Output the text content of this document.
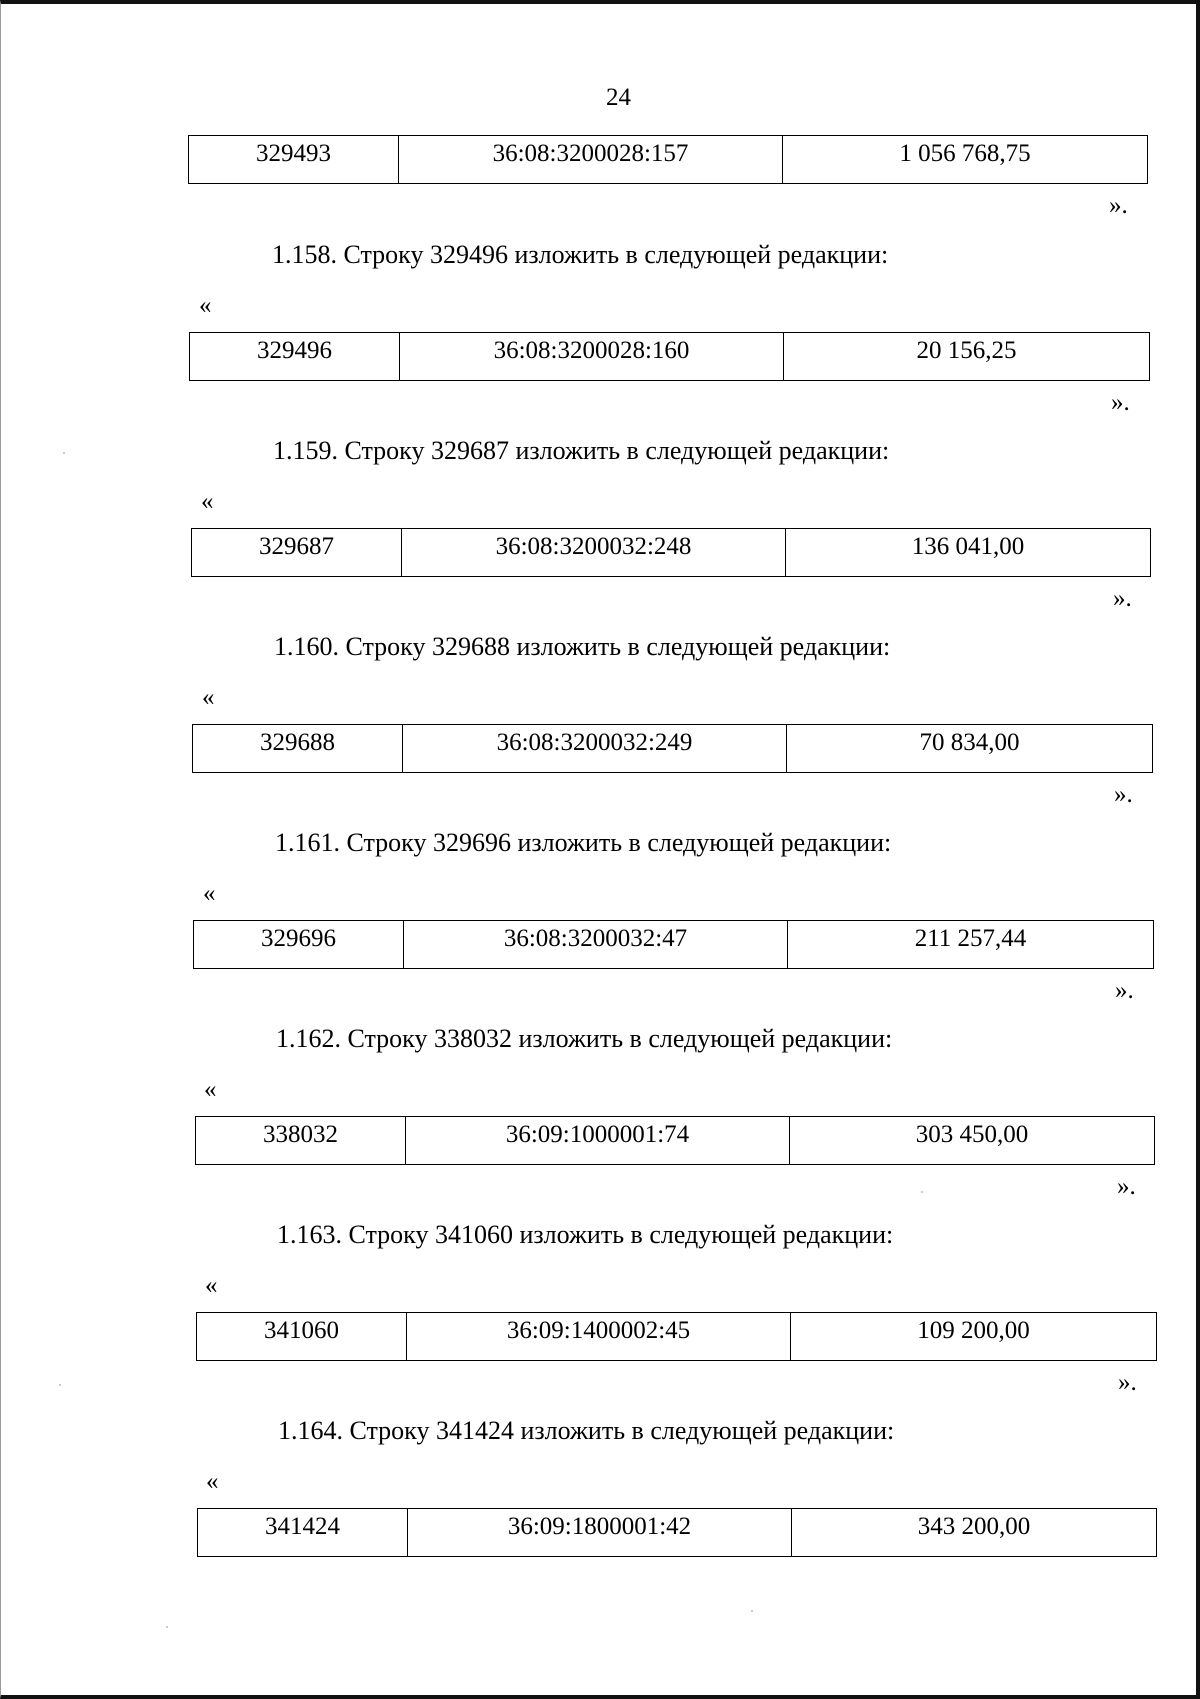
24
329493	36:08:3200028:157	1 056 768,75
».
1.158. Строку 329496 изложить в следующей редакции:
«
329496	36:08:3200028:160	20 156,25
».
1.159. Строку 329687 изложить в следующей редакции:
«
329687	36:08:3200032:248	136 041,00
».
1.160. Строку 329688 изложить в следующей редакции:
«
329688	36:08:3200032:249	70 834,00
».
1.161. Строку 329696 изложить в следующей редакции:
«
329696	36:08:3200032:47	211 257,44
».
1.162. Строку 338032 изложить в следующей редакции:
«
338032	36:09:1000001:74	303 450,00
».
1.163. Строку 341060 изложить в следующей редакции:
«
341060	36:09:1400002:45	109 200,00
».
1.164. Строку 341424 изложить в следующей редакции:
«
341424	36:09:1800001:42	343 200,00
